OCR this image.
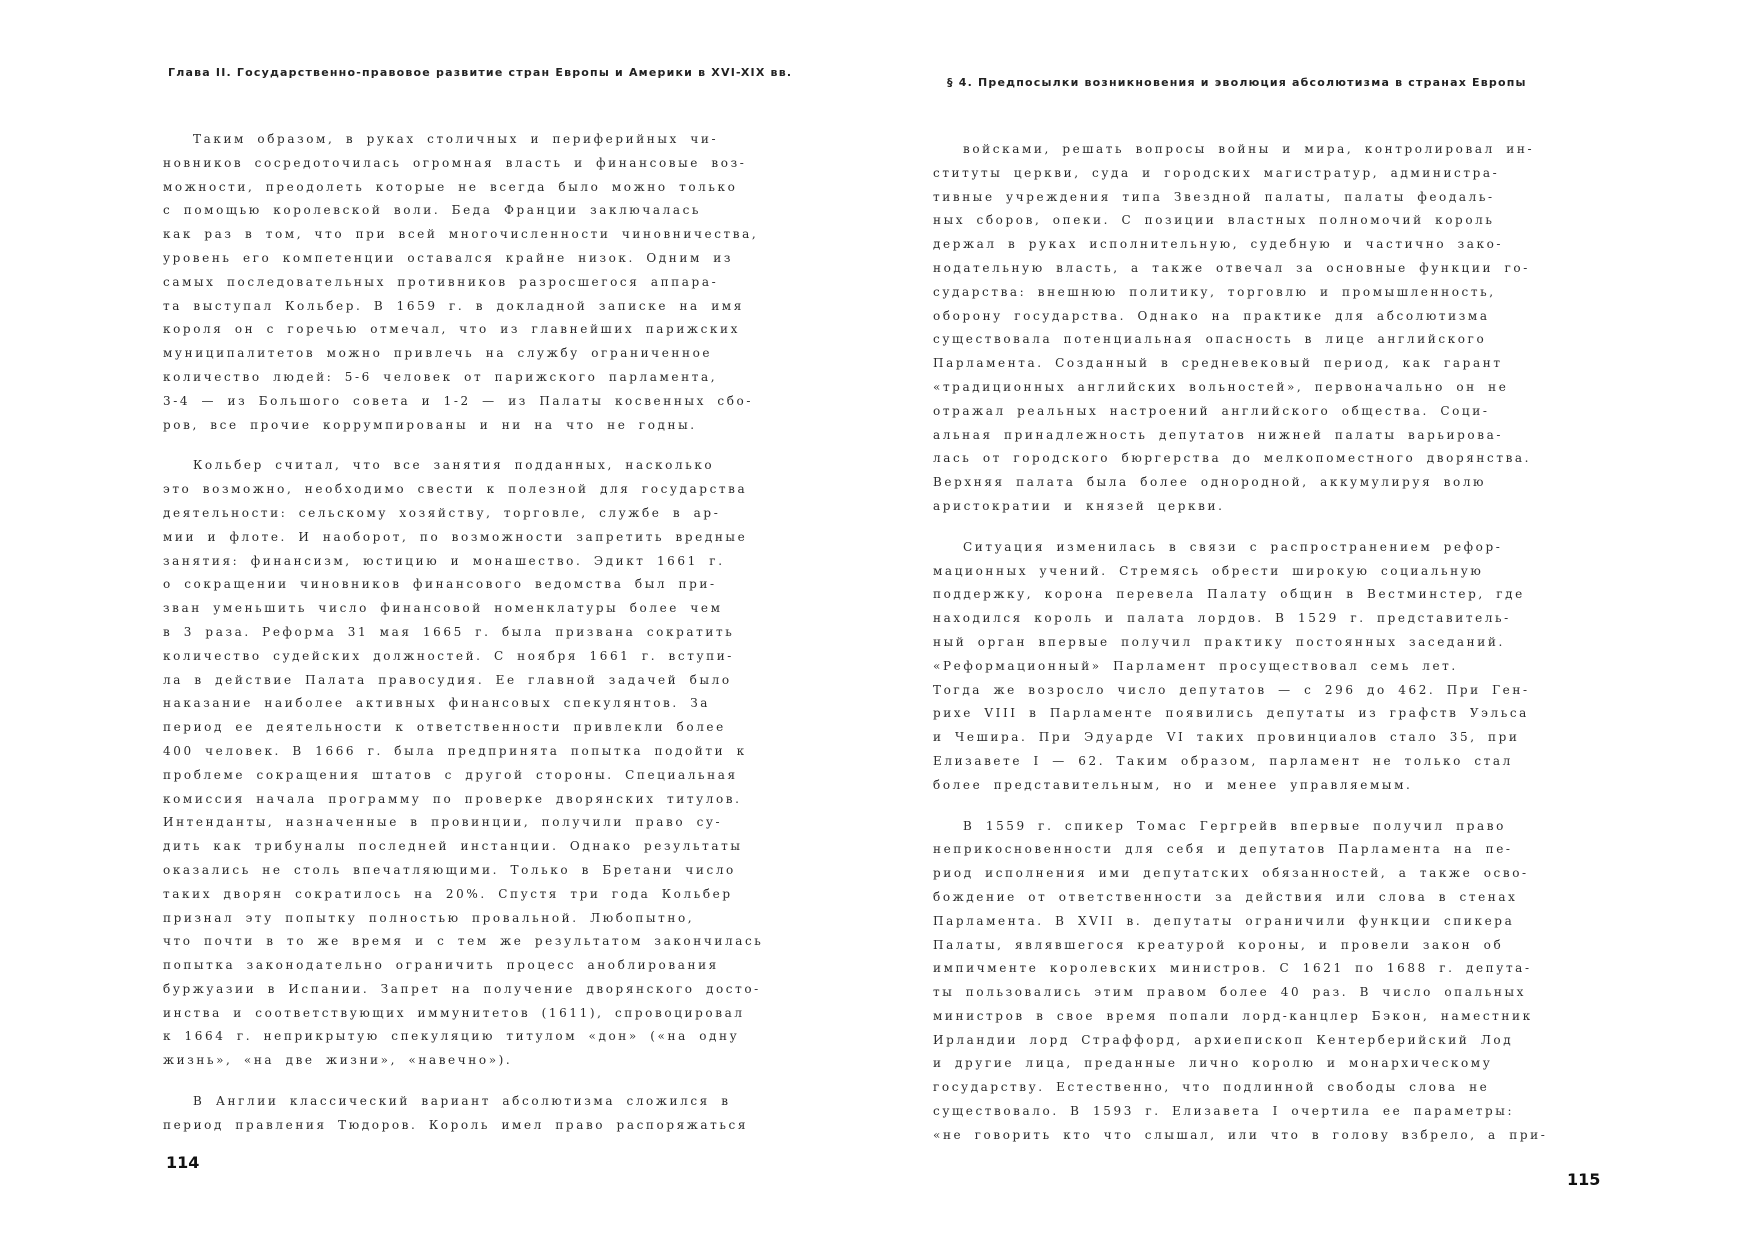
Глава II. Государственно-правовое развитие стран Европы и Америки в XVI-XIX вв.

Таким образом, в руках столичных и периферийных чи-
новников сосредоточилась огромная власть и финансовые воз-
можности, преодолеть которые не всегда было можно только
с помощью королевской воли. Беда Франции заключалась
как раз в том, что при всей многочисленности чиновничества,
уровень его компетенции оставался крайне низок. Одним из
самых последовательных противников разросшегося аппара-
та выступал Кольбер. В 1659 г. в докладной записке на имя
короля он с горечью отмечал, что из главнейших парижских
муниципалитетов можно привлечь на службу ограниченное
количество людей: 5-6 человек от парижского парламента,
3-4 — из Большого совета и 1-2 — из Палаты косвенных сбо-
ров, все прочие коррумпированы и ни на что не годны.

Кольбер считал, что все занятия подданных, насколько
это возможно, необходимо свести к полезной для государства
деятельности: сельскому хозяйству, торговле, службе в ар-
мии и флоте. И наоборот, по возможности запретить вредные
занятия: финансизм, юстицию и монашество. Эдикт 1661 г.
о сокращении чиновников финансового ведомства был при-
зван уменьшить число финансовой номенклатуры более чем
в 3 раза. Реформа 31 мая 1665 г. была призвана сократить
количество судейских должностей. С ноября 1661 г. вступи-
ла в действие Палата правосудия. Ее главной задачей было
наказание наиболее активных финансовых спекулянтов. За
период ее деятельности к ответственности привлекли более
400 человек. В 1666 г. была предпринята попытка подойти к
проблеме сокращения штатов с другой стороны. Специальная
комиссия начала программу по проверке дворянских титулов.
Интенданты, назначенные в провинции, получили право су-
дить как трибуналы последней инстанции. Однако результаты
оказались не столь впечатляющими. Только в Бретани число
таких дворян сократилось на 20%. Спустя три года Кольбер
признал эту попытку полностью провальной. Любопытно,
что почти в то же время и с тем же результатом закончилась
попытка законодательно ограничить процесс аноблирования
буржуазии в Испании. Запрет на получение дворянского досто-
инства и соответствующих иммунитетов (1611), спровоцировал
к 1664 г. неприкрытую спекуляцию титулом «дон» («на одну
жизнь», «на две жизни», «навечно»).

В Англии классический вариант абсолютизма сложился в
период правления Тюдоров. Король имел право распоряжаться

114
§ 4. Предпосылки возникновения и эволюция абсолютизма в странах Европы

войсками, решать вопросы войны и мира, контролировал ин-
ституты церкви, суда и городских магистратур, администра-
тивные учреждения типа Звездной палаты, палаты феодаль-
ных сборов, опеки. С позиции властных полномочий король
держал в руках исполнительную, судебную и частично зако-
нодательную власть, а также отвечал за основные функции го-
сударства: внешнюю политику, торговлю и промышленность,
оборону государства. Однако на практике для абсолютизма
существовала потенциальная опасность в лице английского
Парламента. Созданный в средневековый период, как гарант
«традиционных английских вольностей», первоначально он не
отражал реальных настроений английского общества. Соци-
альная принадлежность депутатов нижней палаты варьирова-
лась от городского бюргерства до мелкопоместного дворянства.
Верхняя палата была более однородной, аккумулируя волю
аристократии и князей церкви.

Ситуация изменилась в связи с распространением рефор-
мационных учений. Стремясь обрести широкую социальную
поддержку, корона перевела Палату общин в Вестминстер, где
находился король и палата лордов. В 1529 г. представитель-
ный орган впервые получил практику постоянных заседаний.
«Реформационный» Парламент просуществовал семь лет.
Тогда же возросло число депутатов — с 296 до 462. При Ген-
рихе VIII в Парламенте появились депутаты из графств Уэльса
и Чешира. При Эдуарде VI таких провинциалов стало 35, при
Елизавете I — 62. Таким образом, парламент не только стал
более представительным, но и менее управляемым.

В 1559 г. спикер Томас Гергрейв впервые получил право
неприкосновенности для себя и депутатов Парламента на пе-
риод исполнения ими депутатских обязанностей, а также осво-
бождение от ответственности за действия или слова в стенах
Парламента. В XVII в. депутаты ограничили функции спикера
Палаты, являвшегося креатурой короны, и провели закон об
импичменте королевских министров. С 1621 по 1688 г. депута-
ты пользовались этим правом более 40 раз. В число опальных
министров в свое время попали лорд-канцлер Бэкон, наместник
Ирландии лорд Страффорд, архиепископ Кентерберийский Лод
и другие лица, преданные лично королю и монархическому
государству. Естественно, что подлинной свободы слова не
существовало. В 1593 г. Елизавета I очертила ее параметры:
«не говорить кто что слышал, или что в голову взбрело, а при-

115
